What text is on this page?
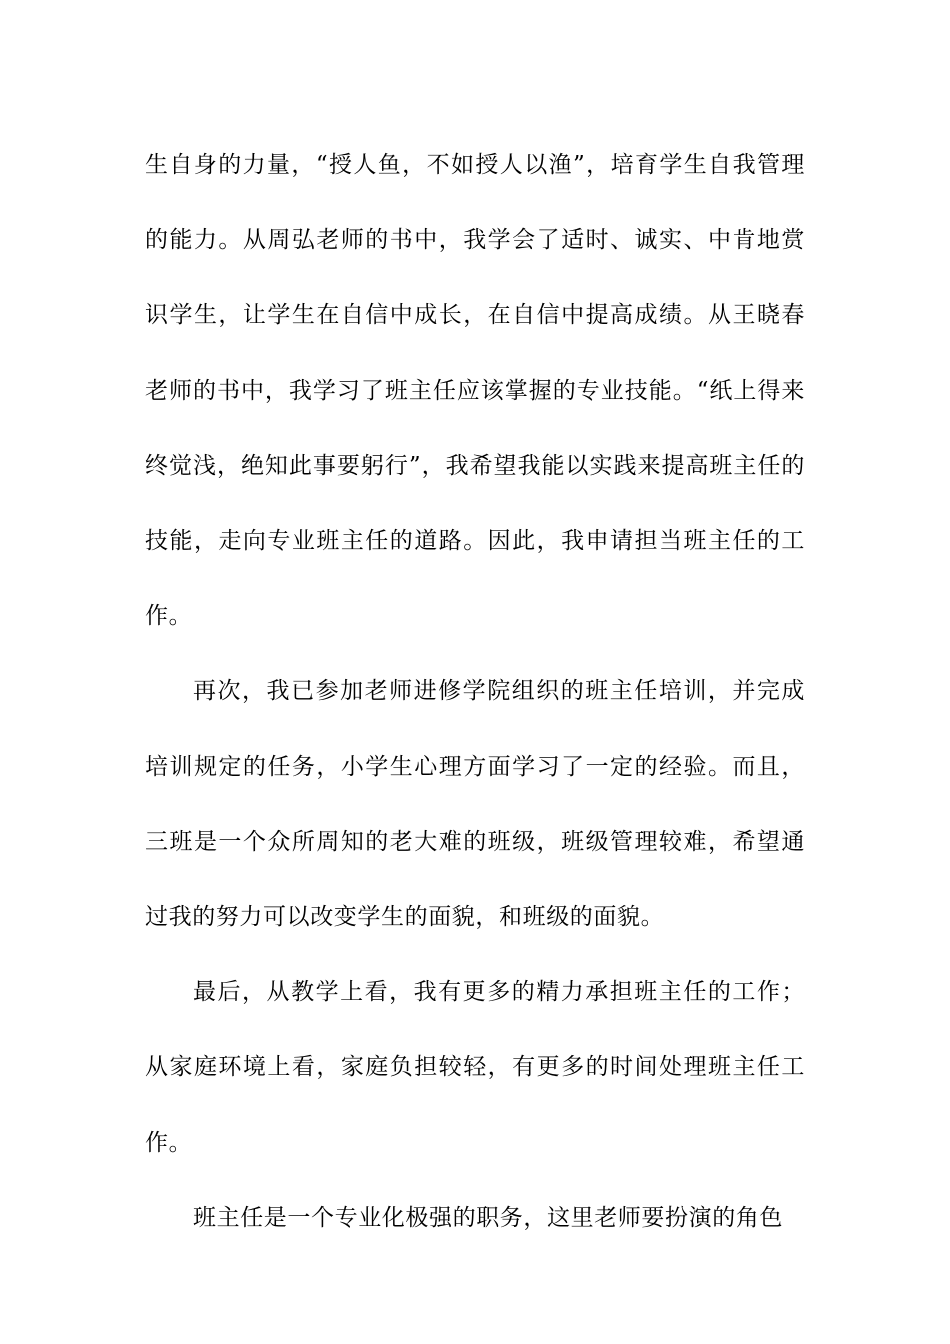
生自身的力量，“授人鱼，不如授人以渔”，培育学生自我管理的能力。从周弘老师的书中，我学会了适时、诚实、中肯地赏识学生，让学生在自信中成长，在自信中提高成绩。从王晓春老师的书中，我学习了班主任应该掌握的专业技能。“纸上得来终觉浅，绝知此事要躬行”，我希望我能以实践来提高班主任的技能，走向专业班主任的道路。因此，我申请担当班主任的工作。

再次，我已参加老师进修学院组织的班主任培训，并完成培训规定的任务，小学生心理方面学习了一定的经验。而且，三班是一个众所周知的老大难的班级，班级管理较难，希望通过我的努力可以改变学生的面貌，和班级的面貌。

最后，从教学上看，我有更多的精力承担班主任的工作；从家庭环境上看，家庭负担较轻，有更多的时间处理班主任工作。

班主任是一个专业化极强的职务，这里老师要扮演的角色
